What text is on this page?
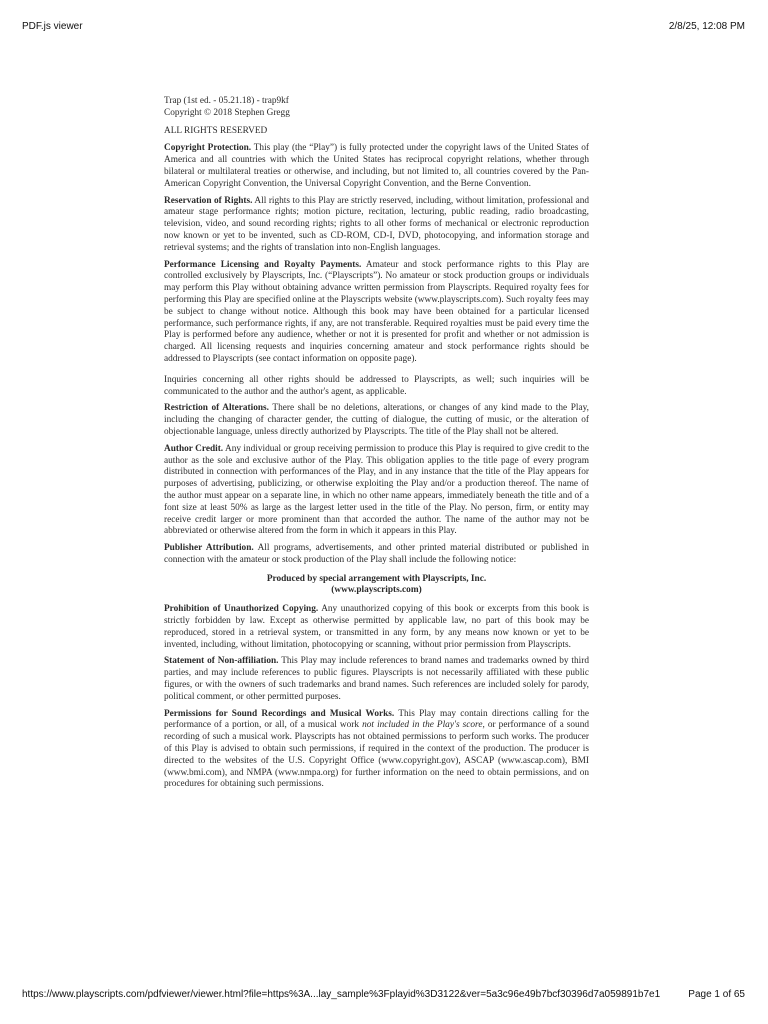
PDF.js viewer	2/8/25, 12:08 PM

Trap (1st ed. - 05.21.18) - trap9kf

Copyright © 2018 Stephen Gregg

ALL RIGHTS RESERVED

Copyright Protection. This play (the “Play”) is fully protected under the copyright laws of the United States of America and all countries with which the United States has reciprocal copyright relations, whether through bilateral or multilateral treaties or otherwise, and including, but not limited to, all countries covered by the Pan-American Copyright Convention, the Universal Copyright Convention, and the Berne Convention.

Reservation of Rights. All rights to this Play are strictly reserved, including, without limitation, professional and amateur stage performance rights; motion picture, recitation, lecturing, public reading, radio broadcasting, television, video, and sound recording rights; rights to all other forms of mechanical or electronic reproduction now known or yet to be invented, such as CD-ROM, CD-I, DVD, photocopying, and information storage and retrieval systems; and the rights of translation into non-English languages.

Performance Licensing and Royalty Payments. Amateur and stock performance rights to this Play are controlled exclusively by Playscripts, Inc. (“Playscripts”). No amateur or stock production groups or individuals may perform this Play without obtaining advance written permission from Playscripts. Required royalty fees for performing this Play are specified online at the Playscripts website (www.playscripts.com). Such royalty fees may be subject to change without notice. Although this book may have been obtained for a particular licensed performance, such performance rights, if any, are not transferable. Required royalties must be paid every time the Play is performed before any audience, whether or not it is presented for profit and whether or not admission is charged. All licensing requests and inquiries concerning amateur and stock performance rights should be addressed to Playscripts (see contact information on opposite page).

Inquiries concerning all other rights should be addressed to Playscripts, as well; such inquiries will be communicated to the author and the author's agent, as applicable.

Restriction of Alterations. There shall be no deletions, alterations, or changes of any kind made to the Play, including the changing of character gender, the cutting of dialogue, the cutting of music, or the alteration of objectionable language, unless directly authorized by Playscripts. The title of the Play shall not be altered.

Author Credit. Any individual or group receiving permission to produce this Play is required to give credit to the author as the sole and exclusive author of the Play. This obligation applies to the title page of every program distributed in connection with performances of the Play, and in any instance that the title of the Play appears for purposes of advertising, publicizing, or otherwise exploiting the Play and/or a production thereof. The name of the author must appear on a separate line, in which no other name appears, immediately beneath the title and of a font size at least 50% as large as the largest letter used in the title of the Play. No person, firm, or entity may receive credit larger or more prominent than that accorded the author. The name of the author may not be abbreviated or otherwise altered from the form in which it appears in this Play.

Publisher Attribution. All programs, advertisements, and other printed material distributed or published in connection with the amateur or stock production of the Play shall include the following notice:

Produced by special arrangement with Playscripts, Inc.
(www.playscripts.com)

Prohibition of Unauthorized Copying. Any unauthorized copying of this book or excerpts from this book is strictly forbidden by law. Except as otherwise permitted by applicable law, no part of this book may be reproduced, stored in a retrieval system, or transmitted in any form, by any means now known or yet to be invented, including, without limitation, photocopying or scanning, without prior permission from Playscripts.

Statement of Non-affiliation. This Play may include references to brand names and trademarks owned by third parties, and may include references to public figures. Playscripts is not necessarily affiliated with these public figures, or with the owners of such trademarks and brand names. Such references are included solely for parody, political comment, or other permitted purposes.

Permissions for Sound Recordings and Musical Works. This Play may contain directions calling for the performance of a portion, or all, of a musical work not included in the Play's score, or performance of a sound recording of such a musical work. Playscripts has not obtained permissions to perform such works. The producer of this Play is advised to obtain such permissions, if required in the context of the production. The producer is directed to the websites of the U.S. Copyright Office (www.copyright.gov), ASCAP (www.ascap.com), BMI (www.bmi.com), and NMPA (www.nmpa.org) for further information on the need to obtain permissions, and on procedures for obtaining such permissions.

https://www.playscripts.com/pdfviewer/viewer.html?file=https%3A...lay_sample%3Fplayid%3D3122&ver=5a3c96e49b7bcf30396d7a059891b7e1	Page 1 of 65
